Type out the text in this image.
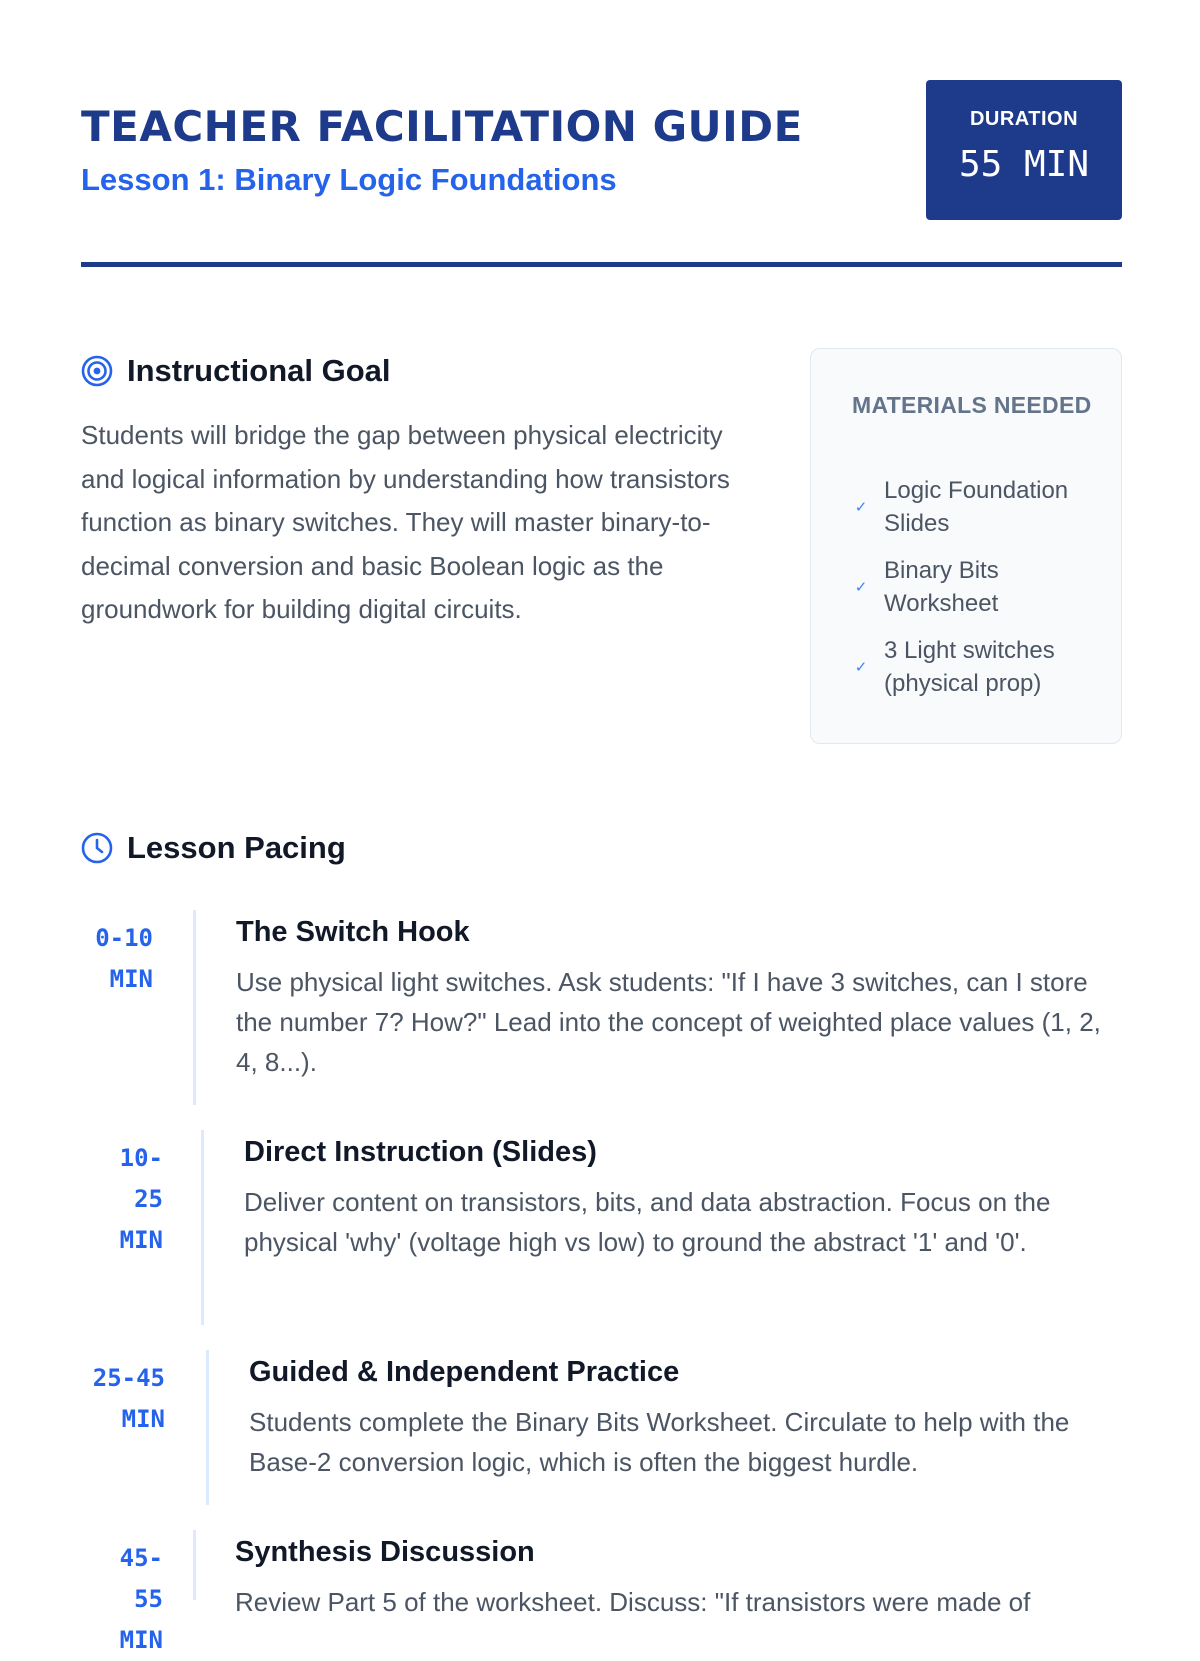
TEACHER FACILITATION GUIDE
Lesson 1: Binary Logic Foundations
DURATION
55 MIN
Instructional Goal

Students will bridge the gap between physical electricity and logical information by understanding how transistors function as binary switches. They will master binary-to-decimal conversion and basic Boolean logic as the groundwork for building digital circuits.

MATERIALS NEEDED
✓
Logic Foundation Slides
✓
Binary Bits Worksheet
✓
3 Light switches (physical prop)
Lesson Pacing
0-10 MIN
The Switch Hook

Use physical light switches. Ask students: "If I have 3 switches, can I store the number 7? How?" Lead into the concept of weighted place values (1, 2, 4, 8...).

10-25 MIN
Direct Instruction (Slides)

Deliver content on transistors, bits, and data abstraction. Focus on the physical 'why' (voltage high vs low) to ground the abstract '1' and '0'.

25-45 MIN
Guided & Independent Practice

Students complete the Binary Bits Worksheet. Circulate to help with the Base-2 conversion logic, which is often the biggest hurdle.

45-55 MIN
Synthesis Discussion

Review Part 5 of the worksheet. Discuss: "If transistors were made of
